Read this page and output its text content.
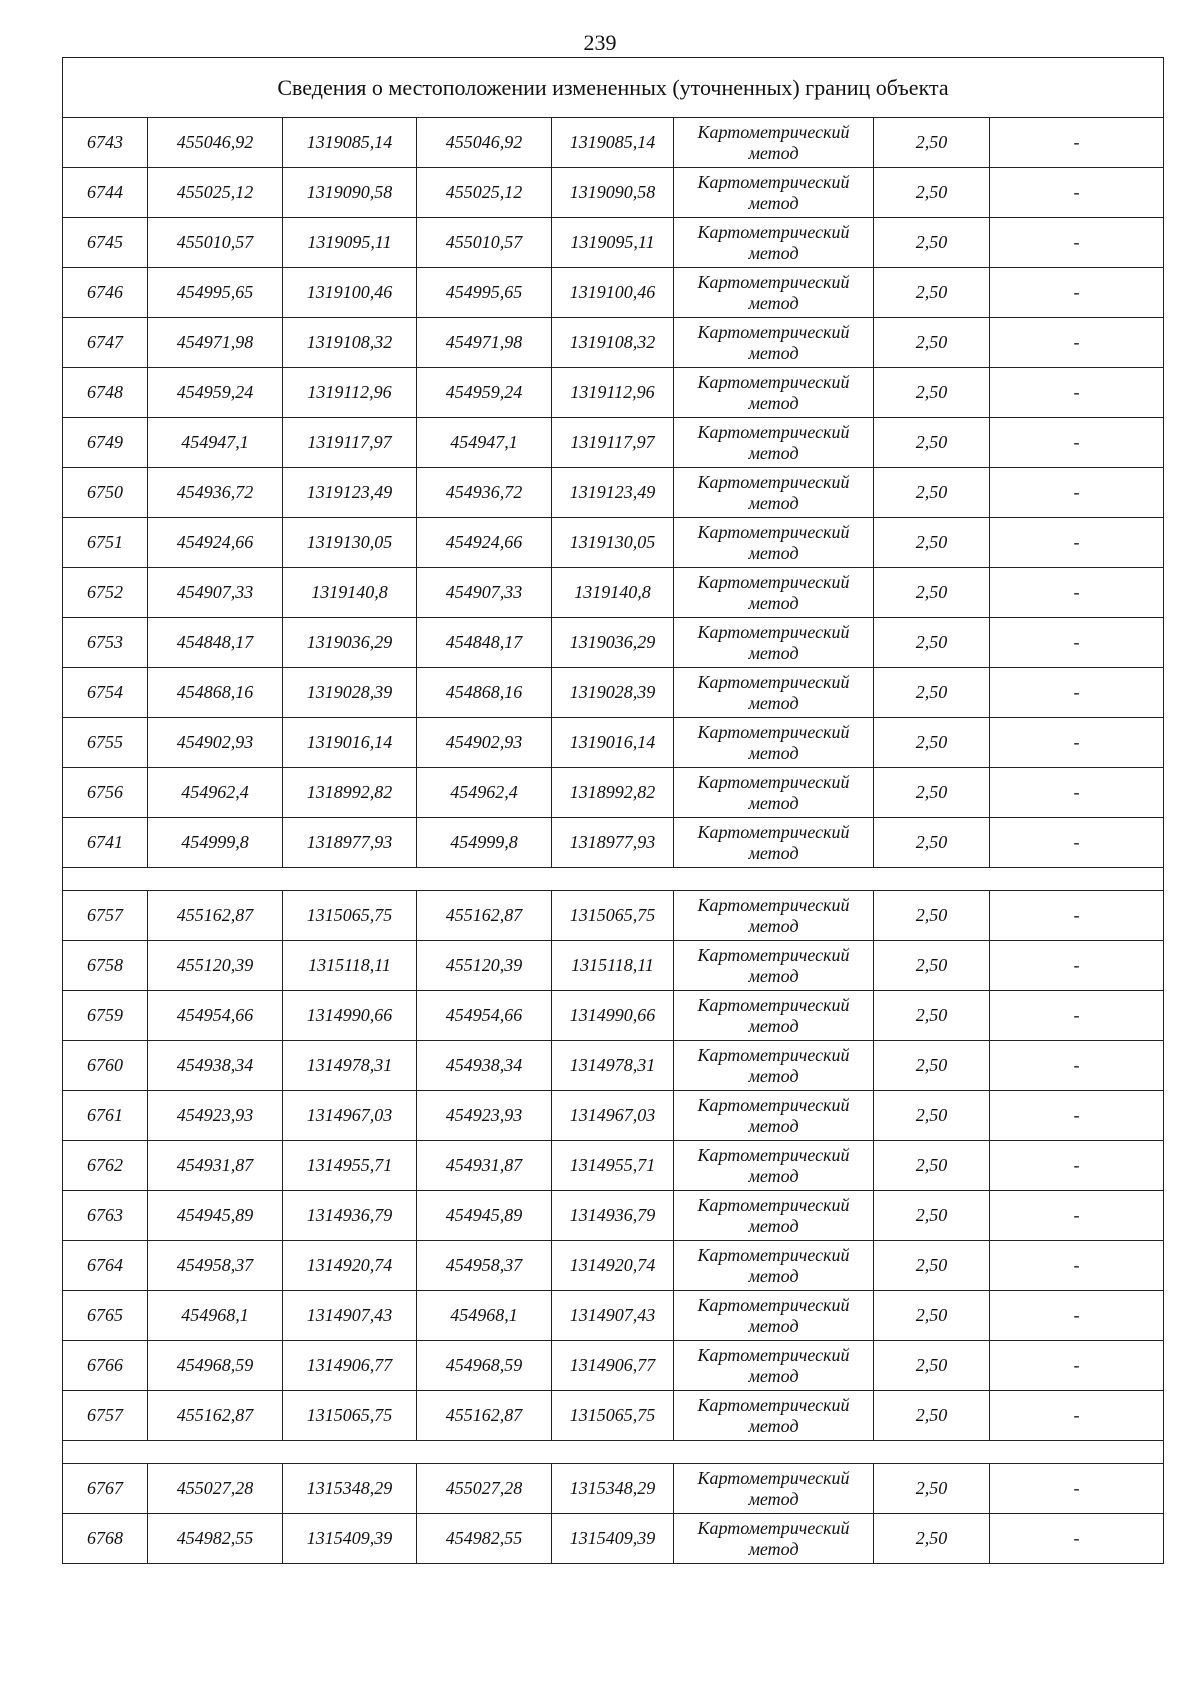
239
Сведения о местоположении измененных (уточненных) границ объекта							
6743	455046,92	1319085,14	455046,92	1319085,14	Картометрический метод	2,50	-
6744	455025,12	1319090,58	455025,12	1319090,58	Картометрический метод	2,50	-
6745	455010,57	1319095,11	455010,57	1319095,11	Картометрический метод	2,50	-
6746	454995,65	1319100,46	454995,65	1319100,46	Картометрический метод	2,50	-
6747	454971,98	1319108,32	454971,98	1319108,32	Картометрический метод	2,50	-
6748	454959,24	1319112,96	454959,24	1319112,96	Картометрический метод	2,50	-
6749	454947,1	1319117,97	454947,1	1319117,97	Картометрический метод	2,50	-
6750	454936,72	1319123,49	454936,72	1319123,49	Картометрический метод	2,50	-
6751	454924,66	1319130,05	454924,66	1319130,05	Картометрический метод	2,50	-
6752	454907,33	1319140,8	454907,33	1319140,8	Картометрический метод	2,50	-
6753	454848,17	1319036,29	454848,17	1319036,29	Картометрический метод	2,50	-
6754	454868,16	1319028,39	454868,16	1319028,39	Картометрический метод	2,50	-
6755	454902,93	1319016,14	454902,93	1319016,14	Картометрический метод	2,50	-
6756	454962,4	1318992,82	454962,4	1318992,82	Картометрический метод	2,50	-
6741	454999,8	1318977,93	454999,8	1318977,93	Картометрический метод	2,50	-

6757	455162,87	1315065,75	455162,87	1315065,75	Картометрический метод	2,50	-
6758	455120,39	1315118,11	455120,39	1315118,11	Картометрический метод	2,50	-
6759	454954,66	1314990,66	454954,66	1314990,66	Картометрический метод	2,50	-
6760	454938,34	1314978,31	454938,34	1314978,31	Картометрический метод	2,50	-
6761	454923,93	1314967,03	454923,93	1314967,03	Картометрический метод	2,50	-
6762	454931,87	1314955,71	454931,87	1314955,71	Картометрический метод	2,50	-
6763	454945,89	1314936,79	454945,89	1314936,79	Картометрический метод	2,50	-
6764	454958,37	1314920,74	454958,37	1314920,74	Картометрический метод	2,50	-
6765	454968,1	1314907,43	454968,1	1314907,43	Картометрический метод	2,50	-
6766	454968,59	1314906,77	454968,59	1314906,77	Картометрический метод	2,50	-
6757	455162,87	1315065,75	455162,87	1315065,75	Картометрический метод	2,50	-

6767	455027,28	1315348,29	455027,28	1315348,29	Картометрический метод	2,50	-
6768	454982,55	1315409,39	454982,55	1315409,39	Картометрический метод	2,50	-
